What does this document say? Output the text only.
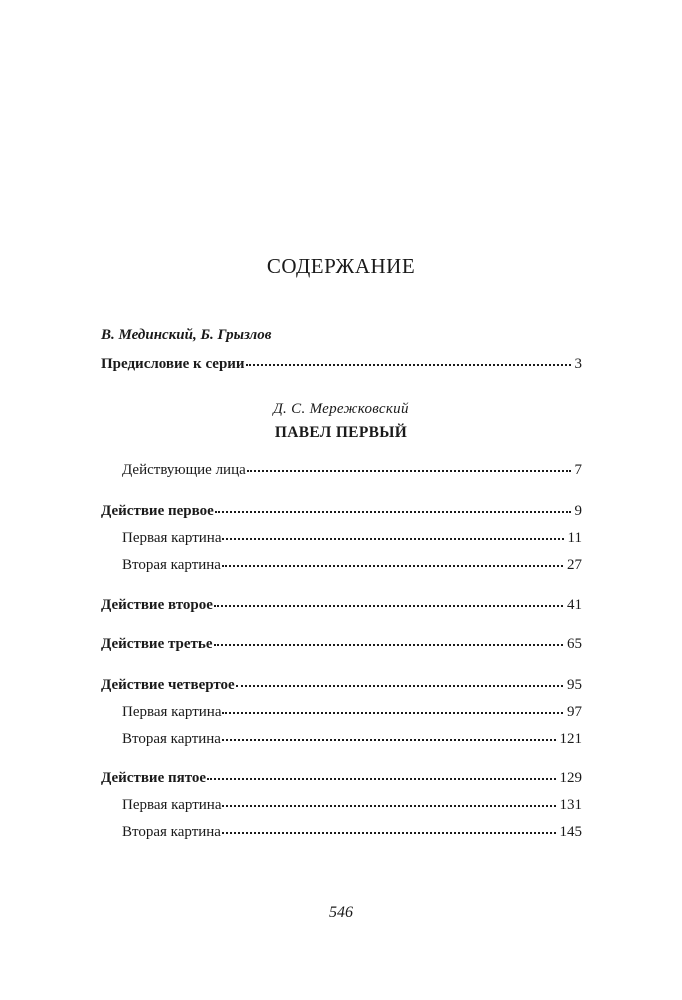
СОДЕРЖАНИЕ
В. Мединский, Б. Грызлов
Предисловие к серии	3
Д. С. Мережковский
ПАВЕЛ ПЕРВЫЙ
Действующие лица	7
Действие первое	9
Первая картина	11
Вторая картина	27
Действие второе	41
Действие третье	65
Действие четвертое	95
Первая картина	97
Вторая картина	121
Действие пятое	129
Первая картина	131
Вторая картина	145
546
